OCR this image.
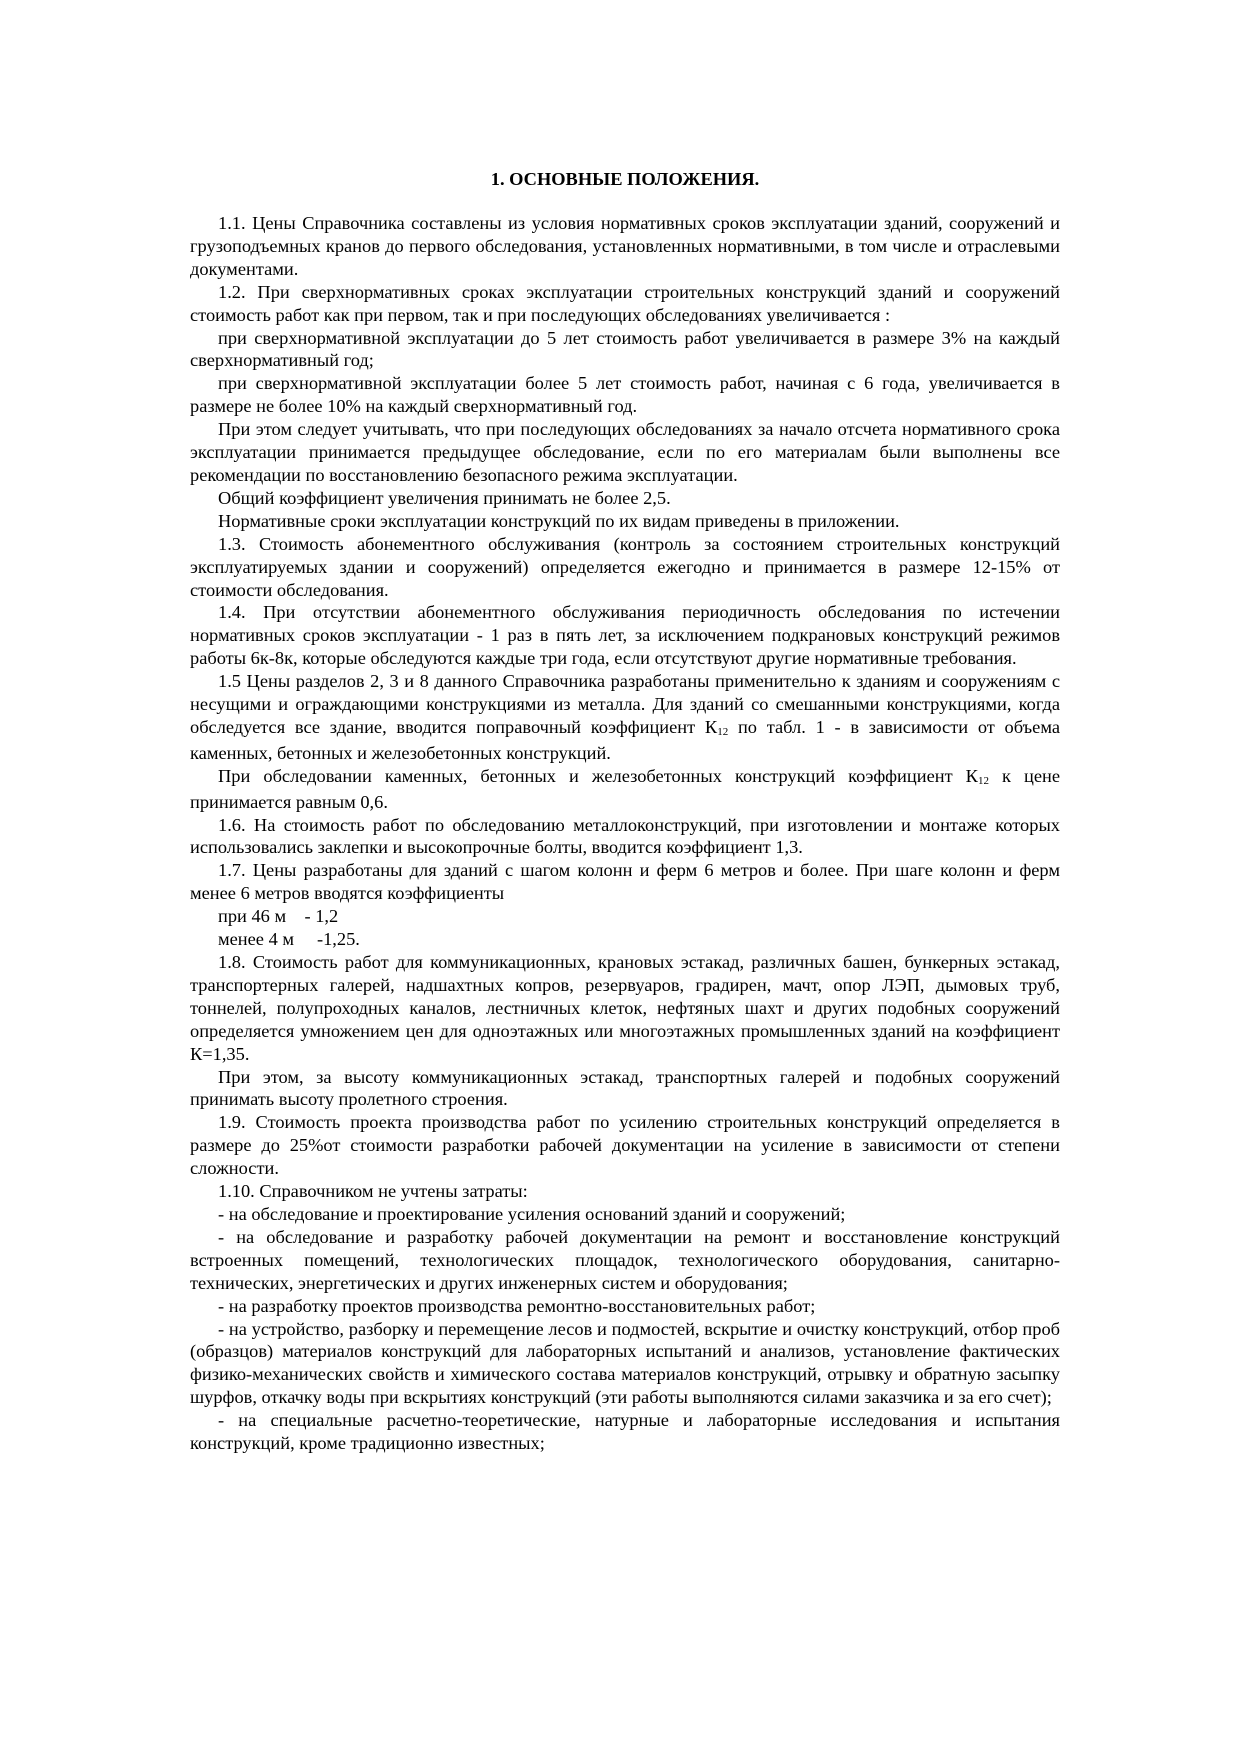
1. ОСНОВНЫЕ ПОЛОЖЕНИЯ.

1.1. Цены Справочника составлены из условия нормативных сроков эксплуатации зданий, сооружений и грузоподъемных кранов до первого обследования, установленных нормативными, в том числе и отраслевыми документами.

1.2. При сверхнормативных сроках эксплуатации строительных конструкций зданий и сооружений стоимость работ как при первом, так и при последующих обследованиях увеличивается :

при сверхнормативной эксплуатации до 5 лет стоимость работ увеличивается в размере 3% на каждый сверхнормативный год;

при сверхнормативной эксплуатации более 5 лет стоимость работ, начиная с 6 года, увеличивается в размере не более 10% на каждый сверхнормативный год.

При этом следует учитывать, что при последующих обследованиях за начало отсчета нормативного срока эксплуатации принимается предыдущее обследование, если по его материалам были выполнены все рекомендации по восстановлению безопасного режима эксплуатации.

Общий коэффициент увеличения принимать не более 2,5.

Нормативные сроки эксплуатации конструкций по их видам приведены в приложении.

1.3. Стоимость абонементного обслуживания (контроль за состоянием строительных конструкций эксплуатируемых здании и сооружений) определяется ежегодно и принимается в размере 12-15% от стоимости обследования.

1.4. При отсутствии абонементного обслуживания периодичность обследования по истечении нормативных сроков эксплуатации - 1 раз в пять лет, за исключением подкрановых конструкций режимов работы 6к-8к, которые обследуются каждые три года, если отсутствуют другие нормативные требования.

1.5 Цены разделов 2, 3 и 8 данного Справочника разработаны применительно к зданиям и сооружениям с несущими и ограждающими конструкциями из металла. Для зданий со смешанными конструкциями, когда обследуется все здание, вводится поправочный коэффициент К12 по табл. 1 - в зависимости от объема каменных, бетонных и железобетонных конструкций.

При обследовании каменных, бетонных и железобетонных конструкций коэффициент К12 к цене принимается равным 0,6.

1.6. На стоимость работ по обследованию металлоконструкций, при изготовлении и монтаже которых использовались заклепки и высокопрочные болты, вводится коэффициент 1,3.

1.7. Цены разработаны для зданий с шагом колонн и ферм 6 метров и более. При шаге колонн и ферм менее 6 метров вводятся коэффициенты

при 46 м    - 1,2

менее 4 м     -1,25.

1.8. Стоимость работ для коммуникационных, крановых эстакад, различных башен, бункерных эстакад, транспортерных галерей, надшахтных копров, резервуаров, градирен, мачт, опор ЛЭП, дымовых труб, тоннелей, полупроходных каналов, лестничных клеток, нефтяных шахт и других подобных сооружений определяется умножением цен для одноэтажных или многоэтажных промышленных зданий на коэффициент К=1,35.

При этом, за высоту коммуникационных эстакад, транспортных галерей и подобных сооружений принимать высоту пролетного строения.

1.9. Стоимость проекта производства работ по усилению строительных конструкций определяется в размере до 25%от стоимости разработки рабочей документации на усиление в зависимости от степени сложности.

1.10. Справочником не учтены затраты:

- на обследование и проектирование усиления оснований зданий и сооружений;

- на обследование и разработку рабочей документации на ремонт и восстановление конструкций встроенных помещений, технологических площадок, технологического оборудования, санитарно-технических, энергетических и других инженерных систем и оборудования;

- на разработку проектов производства ремонтно-восстановительных работ;

- на устройство, разборку и перемещение лесов и подмостей, вскрытие и очистку конструкций, отбор проб (образцов) материалов конструкций для лабораторных испытаний и анализов, установление фактических физико-механических свойств и химического состава материалов конструкций, отрывку и обратную засыпку шурфов, откачку воды при вскрытиях конструкций (эти работы выполняются силами заказчика и за его счет);

- на специальные расчетно-теоретические, натурные и лабораторные исследования и испытания конструкций, кроме традиционно известных;
